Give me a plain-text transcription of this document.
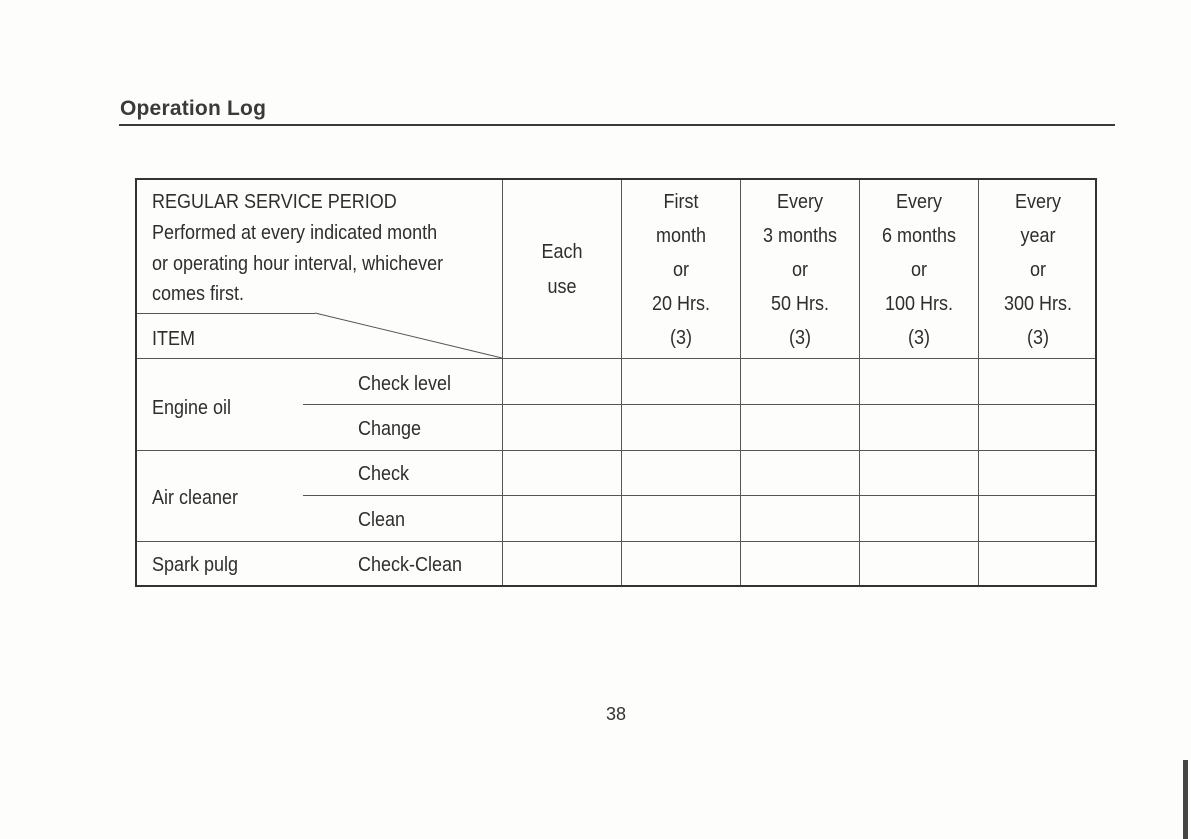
Operation Log
REGULAR SERVICE PERIOD
Performed at every indicated month
or operating hour interval, whichever
comes first.
ITEM
Each
use
First
month
or
20 Hrs.
(3)
Every
3 months
or
50 Hrs.
(3)
Every
6 months
or
100 Hrs.
(3)
Every
year
or
300 Hrs.
(3)
Engine oil
Check level
Change
Air cleaner
Check
Clean
Spark pulg	Check-Clean
38
